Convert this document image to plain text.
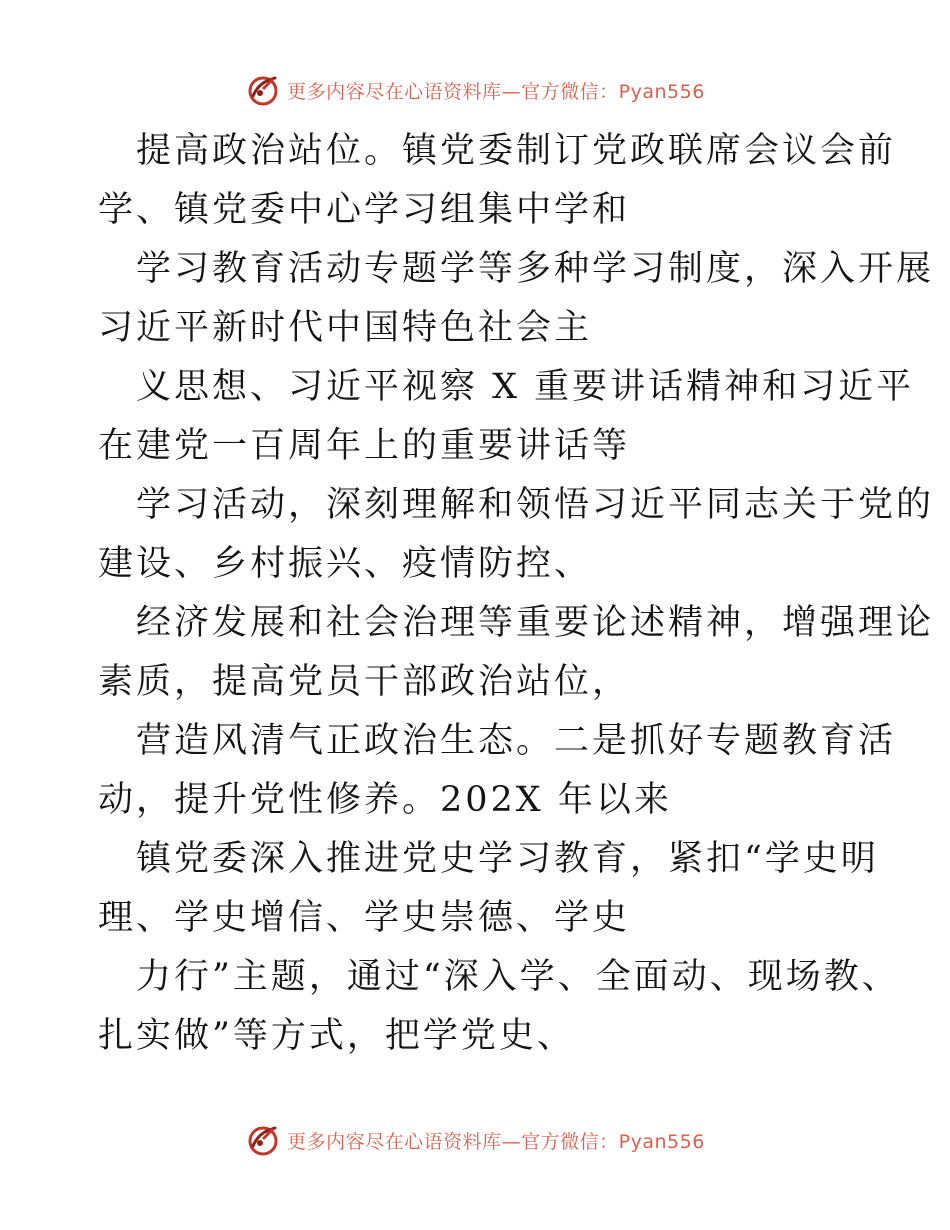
更多内容尽在心语资料库—官方微信：Pyan556

提高政治站位。镇党委制订党政联席会议会前
学、镇党委中心学习组集中学和

学习教育活动专题学等多种学习制度，深入开展
习近平新时代中国特色社会主

义思想、习近平视察 X 重要讲话精神和习近平
在建党一百周年上的重要讲话等

学习活动，深刻理解和领悟习近平同志关于党的
建设、乡村振兴、疫情防控、

经济发展和社会治理等重要论述精神，增强理论
素质，提高党员干部政治站位，

营造风清气正政治生态。二是抓好专题教育活
动，提升党性修养。202X 年以来

镇党委深入推进党史学习教育，紧扣“学史明
理、学史增信、学史崇德、学史

力行”主题，通过“深入学、全面动、现场教、
扎实做”等方式，把学党史、

更多内容尽在心语资料库—官方微信：Pyan556
